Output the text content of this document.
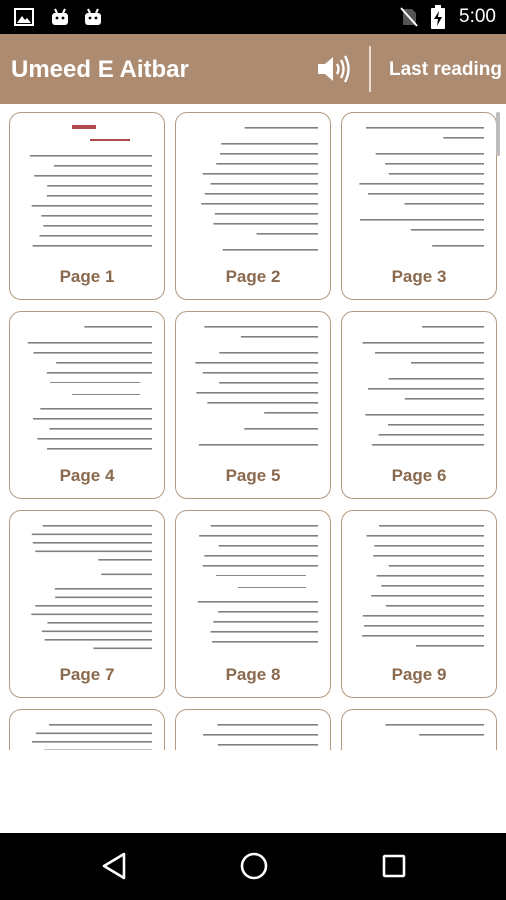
5:00
Umeed E Aitbar	Last reading
Page 1	Page 2	Page 3
Page 4	Page 5	Page 6
Page 7	Page 8	Page 9
